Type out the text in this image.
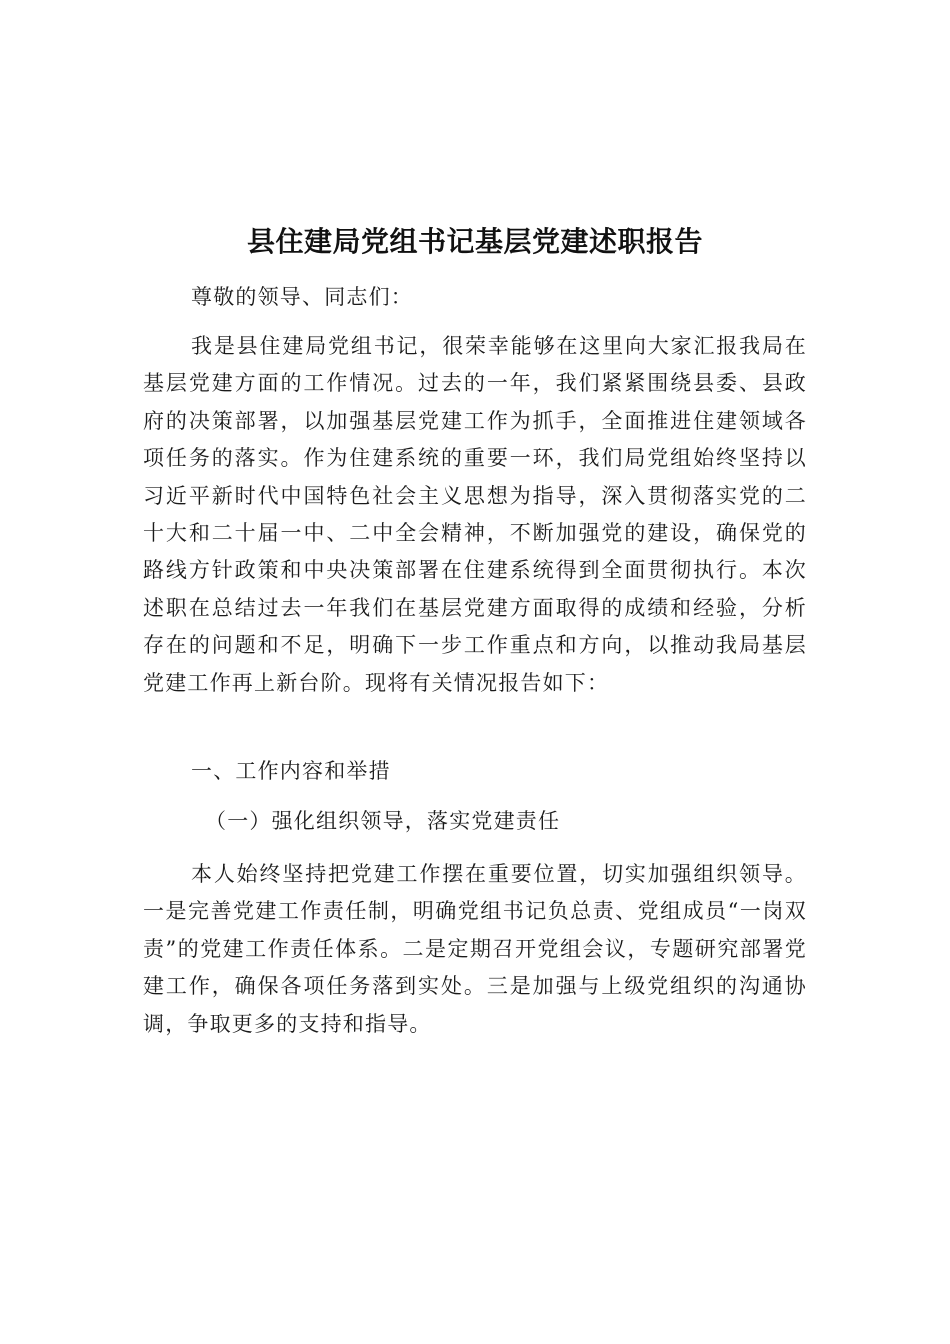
县住建局党组书记基层党建述职报告

尊敬的领导、同志们：

我是县住建局党组书记，很荣幸能够在这里向大家汇报我局在基层党建方面的工作情况。过去的一年，我们紧紧围绕县委、县政府的决策部署，以加强基层党建工作为抓手，全面推进住建领域各项任务的落实。作为住建系统的重要一环，我们局党组始终坚持以习近平新时代中国特色社会主义思想为指导，深入贯彻落实党的二十大和二十届一中、二中全会精神，不断加强党的建设，确保党的路线方针政策和中央决策部署在住建系统得到全面贯彻执行。本次述职在总结过去一年我们在基层党建方面取得的成绩和经验，分析存在的问题和不足，明确下一步工作重点和方向，以推动我局基层党建工作再上新台阶。现将有关情况报告如下：

一、工作内容和举措

（一）强化组织领导，落实党建责任

本人始终坚持把党建工作摆在重要位置，切实加强组织领导。 一是完善党建工作责任制，明确党组书记负总责、党组成员“一岗双责”的党建工作责任体系。二是定期召开党组会议，专题研究部署党建工作，确保各项任务落到实处。三是加强与上级党组织的沟通协调，争取更多的支持和指导。
